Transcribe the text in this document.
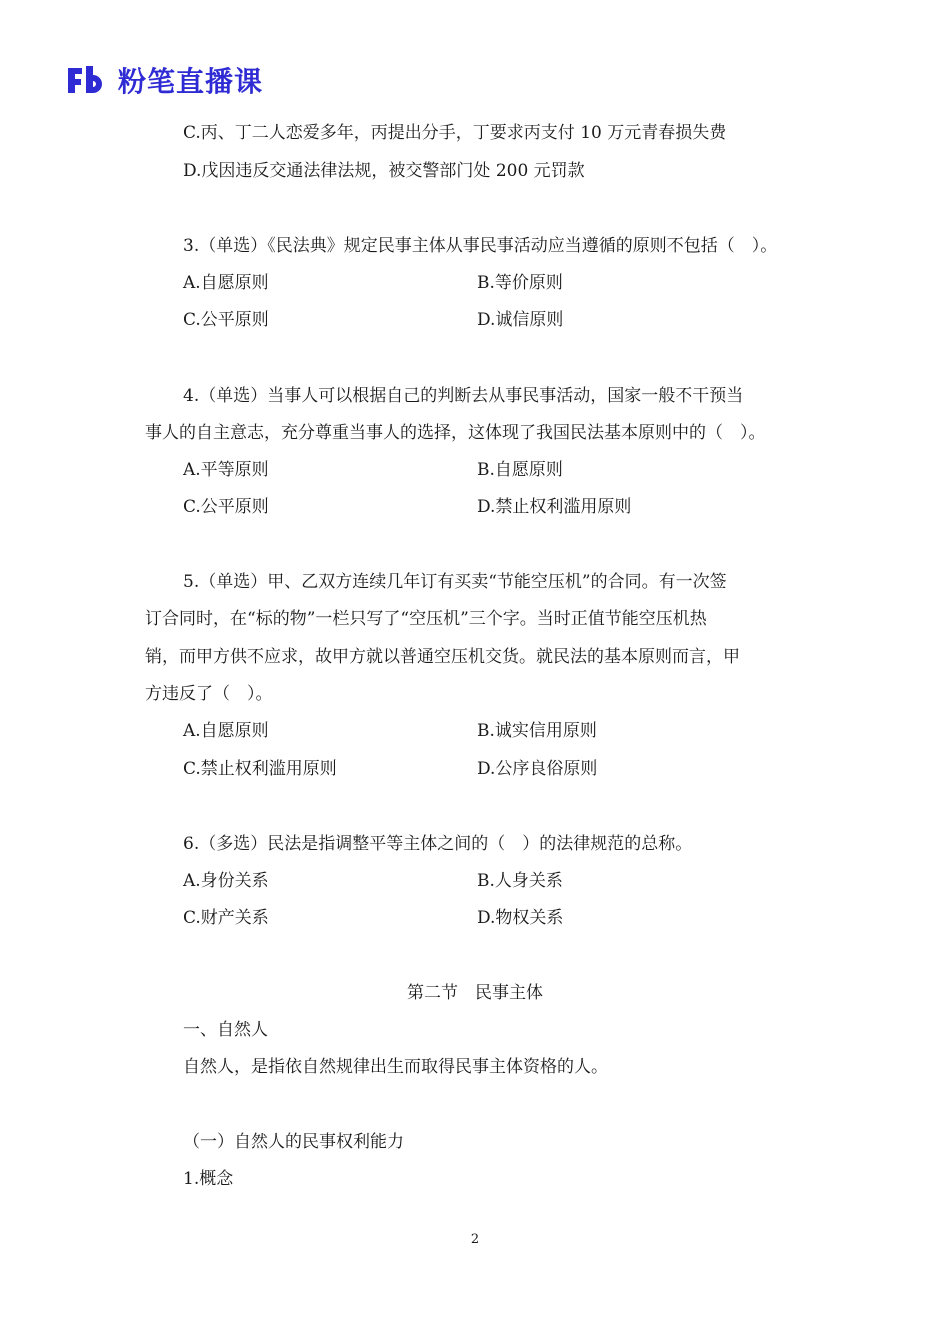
粉笔直播课
C.丙、丁二人恋爱多年，丙提出分手，丁要求丙支付 10 万元青春损失费
D.戊因违反交通法律法规，被交警部门处 200 元罚款
3.（单选）《民法典》规定民事主体从事民事活动应当遵循的原则不包括（　）。
A.自愿原则	B.等价原则
C.公平原则	D.诚信原则
4.（单选）当事人可以根据自己的判断去从事民事活动，国家一般不干预当
事人的自主意志，充分尊重当事人的选择，这体现了我国民法基本原则中的（　）。
A.平等原则	B.自愿原则
C.公平原则	D.禁止权利滥用原则
5.（单选）甲、乙双方连续几年订有买卖“节能空压机”的合同。有一次签
订合同时，在“标的物”一栏只写了“空压机”三个字。当时正值节能空压机热
销，而甲方供不应求，故甲方就以普通空压机交货。就民法的基本原则而言，甲
方违反了（　）。
A.自愿原则	B.诚实信用原则
C.禁止权利滥用原则	D.公序良俗原则
6.（多选）民法是指调整平等主体之间的（　）的法律规范的总称。
A.身份关系	B.人身关系
C.财产关系	D.物权关系
第二节　民事主体
一、自然人
自然人，是指依自然规律出生而取得民事主体资格的人。
（一）自然人的民事权利能力
1.概念
2
